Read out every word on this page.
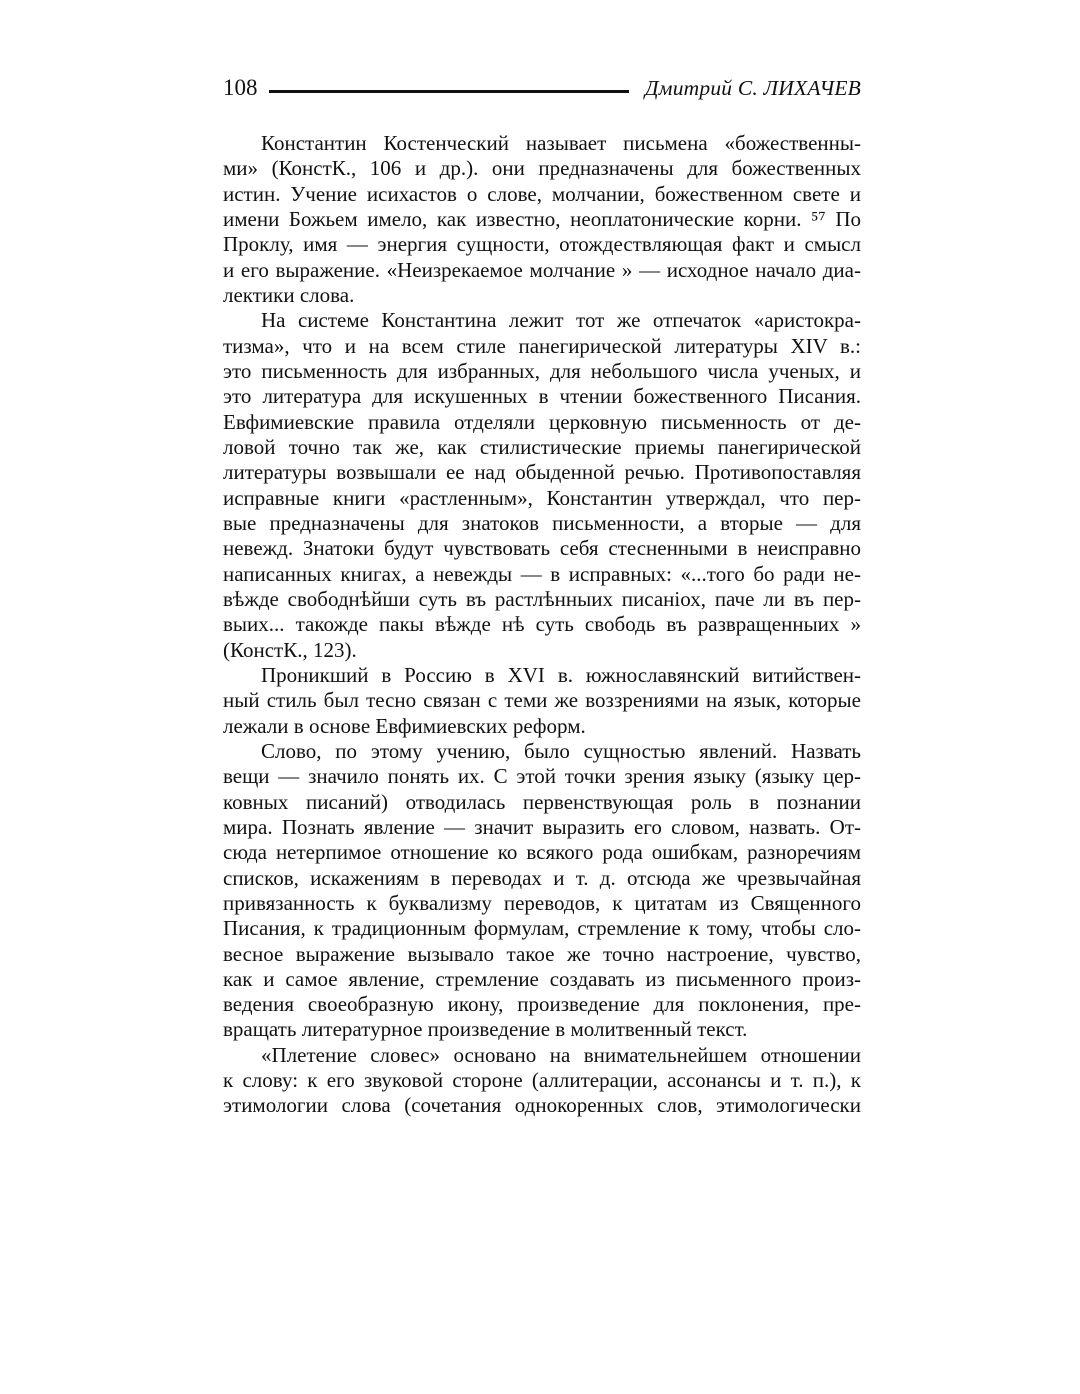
108	Дмитрий С. ЛИХАЧЕВ
Константин Костенческий называет письмена «божественны-
ми» (КонстК., 106 и др.). они предназначены для божественных
истин. Учение исихастов о слове, молчании, божественном свете и
имени Божьем имело, как известно, неоплатонические корни. ⁵⁷ По
Проклу, имя — энергия сущности, отождествляющая факт и смысл
и его выражение. «Неизрекаемое молчание » — исходное начало диа-
лектики слова.
На системе Константина лежит тот же отпечаток «аристокра-
тизма», что и на всем стиле панегирической литературы XIV в.:
это письменность для избранных, для небольшого числа ученых, и
это литература для искушенных в чтении божественного Писания.
Евфимиевские правила отделяли церковную письменность от де-
ловой точно так же, как стилистические приемы панегирической
литературы возвышали ее над обыденной речью. Противопоставляя
исправные книги «растленным», Константин утверждал, что пер-
вые предназначены для знатоков письменности, а вторые — для
невежд. Знатоки будут чувствовать себя стесненными в неисправно
написанных книгах, а невежды — в исправных: «...того бо ради не-
вѣжде свободнѣйши суть въ растлѣнныих писаніох, паче ли въ пер-
выих... такожде пакы вѣжде нѣ суть свободь въ развращенныих »
(КонстК., 123).
Проникший в Россию в XVI в. южнославянский витийствен-
ный стиль был тесно связан с теми же воззрениями на язык, которые
лежали в основе Евфимиевских реформ.
Слово, по этому учению, было сущностью явлений. Назвать
вещи — значило понять их. С этой точки зрения языку (языку цер-
ковных писаний) отводилась первенствующая роль в познании
мира. Познать явление — значит выразить его словом, назвать. От-
сюда нетерпимое отношение ко всякого рода ошибкам, разноречиям
списков, искажениям в переводах и т. д. отсюда же чрезвычайная
привязанность к буквализму переводов, к цитатам из Священного
Писания, к традиционным формулам, стремление к тому, чтобы сло-
весное выражение вызывало такое же точно настроение, чувство,
как и самое явление, стремление создавать из письменного произ-
ведения своеобразную икону, произведение для поклонения, пре-
вращать литературное произведение в молитвенный текст.
«Плетение словес» основано на внимательнейшем отношении
к слову: к его звуковой стороне (аллитерации, ассонансы и т. п.), к
этимологии слова (сочетания однокоренных слов, этимологически
